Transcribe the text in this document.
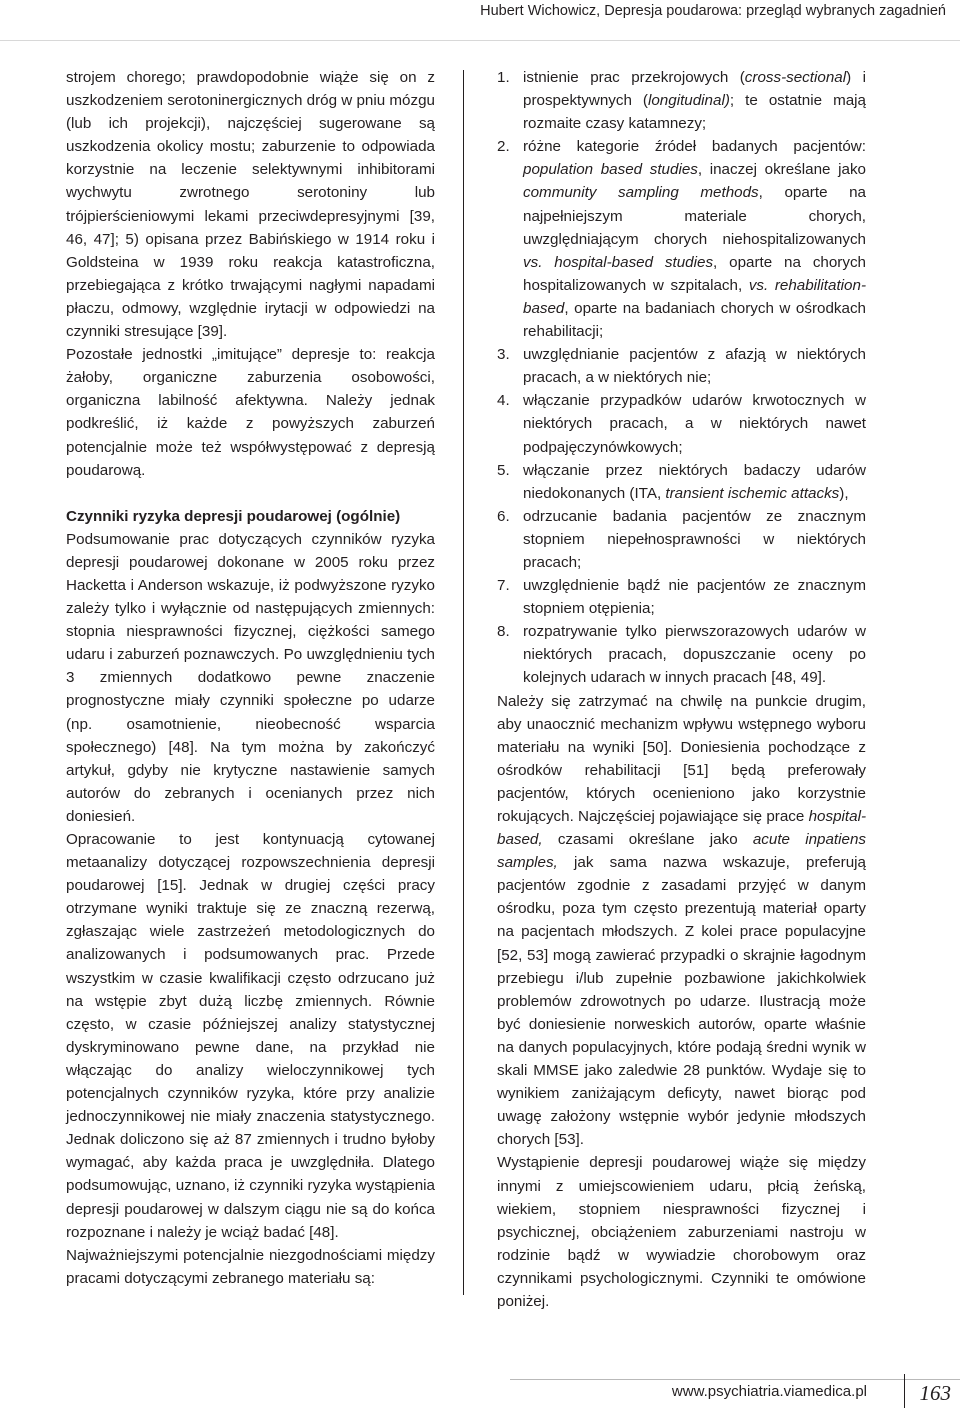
Hubert Wichowicz, Depresja poudarowa: przegląd wybranych zagadnień

strojem chorego; prawdopodobnie wiąże się on z uszkodzeniem serotoninergicznych dróg w pniu mózgu (lub ich projekcji), najczęściej sugerowane są uszkodzenia okolicy mostu; zaburzenie to odpowiada korzystnie na leczenie selektywnymi inhibitorami wychwytu zwrotnego serotoniny lub trójpierścieniowymi lekami przeciwdepresyjnymi [39, 46, 47]; 5) opisana przez Babińskiego w 1914 roku i Goldsteina w 1939 roku reakcja katastroficzna, przebiegająca z krótko trwającymi nagłymi napadami płaczu, odmowy, względnie irytacji w odpowiedzi na czynniki stresujące [39].

Pozostałe jednostki „imitujące” depresje to: reakcja żałoby, organiczne zaburzenia osobowości, organiczna labilność afektywna. Należy jednak podkreślić, iż każde z powyższych zaburzeń potencjalnie może też współwystępować z depresją poudarową.

Czynniki ryzyka depresji poudarowej (ogólnie)

Podsumowanie prac dotyczących czynników ryzyka depresji poudarowej dokonane w 2005 roku przez Hacketta i Anderson wskazuje, iż podwyższone ryzyko zależy tylko i wyłącznie od następujących zmiennych: stopnia niesprawności fizycznej, ciężkości samego udaru i zaburzeń poznawczych. Po uwzględnieniu tych 3 zmiennych dodatkowo pewne znaczenie prognostyczne miały czynniki społeczne po udarze (np. osamotnienie, nieobecność wsparcia społecznego) [48]. Na tym można by zakończyć artykuł, gdyby nie krytyczne nastawienie samych autorów do zebranych i ocenianych przez nich doniesień.

Opracowanie to jest kontynuacją cytowanej metaanalizy dotyczącej rozpowszechnienia depresji poudarowej [15]. Jednak w drugiej części pracy otrzymane wyniki traktuje się ze znaczną rezerwą, zgłaszając wiele zastrzeżeń metodologicznych do analizowanych i podsumowanych prac. Przede wszystkim w czasie kwalifikacji często odrzucano już na wstępie zbyt dużą liczbę zmiennych. Równie często, w czasie późniejszej analizy statystycznej dyskryminowano pewne dane, na przykład nie włączając do analizy wieloczynnikowej tych potencjalnych czynników ryzyka, które przy analizie jednoczynnikowej nie miały znaczenia statystycznego. Jednak doliczono się aż 87 zmiennych i trudno byłoby wymagać, aby każda praca je uwzględniła. Dlatego podsumowując, uznano, iż czynniki ryzyka wystąpienia depresji poudarowej w dalszym ciągu nie są do końca rozpoznane i należy je wciąż badać [48].

Najważniejszymi potencjalnie niezgodnościami między pracami dotyczącymi zebranego materiału są:

1. istnienie prac przekrojowych (cross-sectional) i prospektywnych (longitudinal); te ostatnie mają rozmaite czasy katamnezy;
2. różne kategorie źródeł badanych pacjentów: population based studies, inaczej określane jako community sampling methods, oparte na najpełniejszym materiale chorych, uwzględniającym chorych niehospitalizowanych vs. hospital-based studies, oparte na chorych hospitalizowanych w szpitalach, vs. rehabilitation-based, oparte na badaniach chorych w ośrodkach rehabilitacji;
3. uwzględnianie pacjentów z afazją w niektórych pracach, a w niektórych nie;
4. włączanie przypadków udarów krwotocznych w niektórych pracach, a w niektórych nawet podpajęczynówkowych;
5. włączanie przez niektórych badaczy udarów niedokonanych (ITA, transient ischemic attacks),
6. odrzucanie badania pacjentów ze znacznym stopniem niepełnosprawności w niektórych pracach;
7. uwzględnienie bądź nie pacjentów ze znacznym stopniem otępienia;
8. rozpatrywanie tylko pierwszorazowych udarów w niektórych pracach, dopuszczanie oceny po kolejnych udarach w innych pracach [48, 49].

Należy się zatrzymać na chwilę na punkcie drugim, aby unaocznić mechanizm wpływu wstępnego wyboru materiału na wyniki [50]. Doniesienia pochodzące z ośrodków rehabilitacji [51] będą preferowały pacjentów, których ocenieniono jako korzystnie rokujących. Najczęściej pojawiające się prace hospital-based, czasami określane jako acute inpatiens samples, jak sama nazwa wskazuje, preferują pacjentów zgodnie z zasadami przyjęć w danym ośrodku, poza tym często prezentują materiał oparty na pacjentach młodszych. Z kolei prace populacyjne [52, 53] mogą zawierać przypadki o skrajnie łagodnym przebiegu i/lub zupełnie pozbawione jakichkolwiek problemów zdrowotnych po udarze. Ilustracją może być doniesienie norweskich autorów, oparte właśnie na danych populacyjnych, które podają średni wynik w skali MMSE jako zaledwie 28 punktów. Wydaje się to wynikiem zaniżającym deficyty, nawet biorąc pod uwagę założony wstępnie wybór jedynie młodszych chorych [53].

Wystąpienie depresji poudarowej wiąże się między innymi z umiejscowieniem udaru, płcią żeńską, wiekiem, stopniem niesprawności fizycznej i psychicznej, obciążeniem zaburzeniami nastroju w rodzinie bądź w wywiadzie chorobowym oraz czynnikami psychologicznymi. Czynniki te omówione poniżej.

www.psychiatria.viamedica.pl	163
